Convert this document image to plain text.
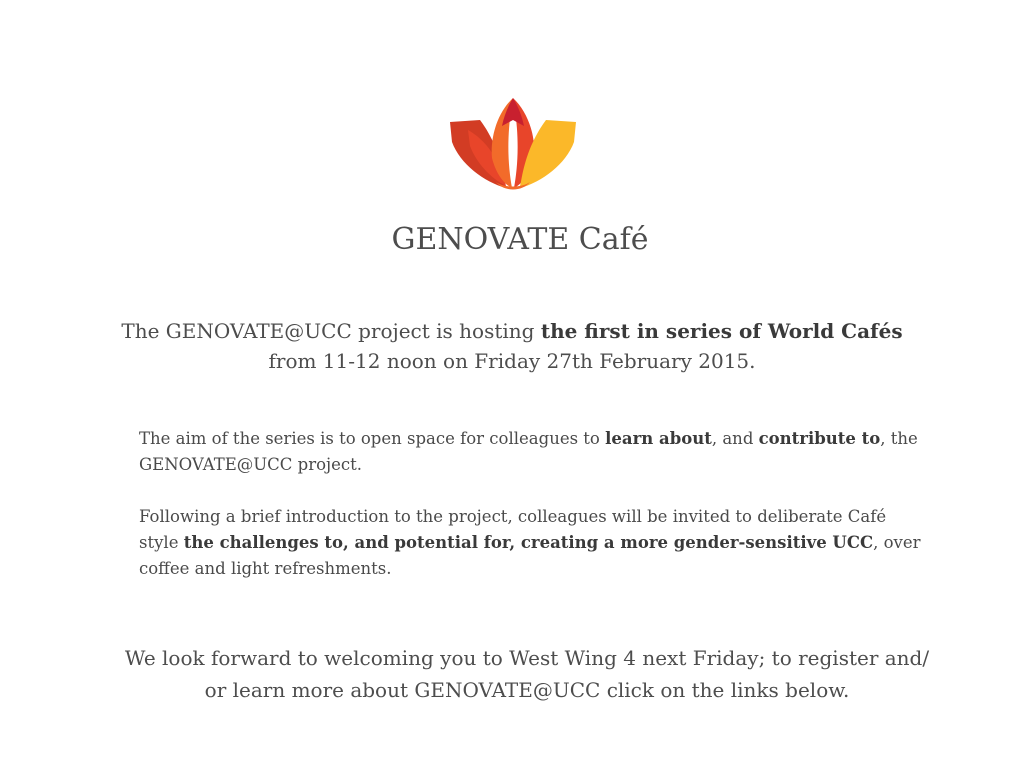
GENOVATE Café
The GENOVATE@UCC project is hosting the first in series of World Cafés
from 11-12 noon on Friday 27th February 2015.
The aim of the series is to open space for colleagues to learn about, and contribute to, the
GENOVATE@UCC project.
Following a brief introduction to the project, colleagues will be invited to deliberate Café
style the challenges to, and potential for, creating a more gender-sensitive UCC, over
coffee and light refreshments.
We look forward to welcoming you to West Wing 4 next Friday; to register and/
or learn more about GENOVATE@UCC click on the links below.
